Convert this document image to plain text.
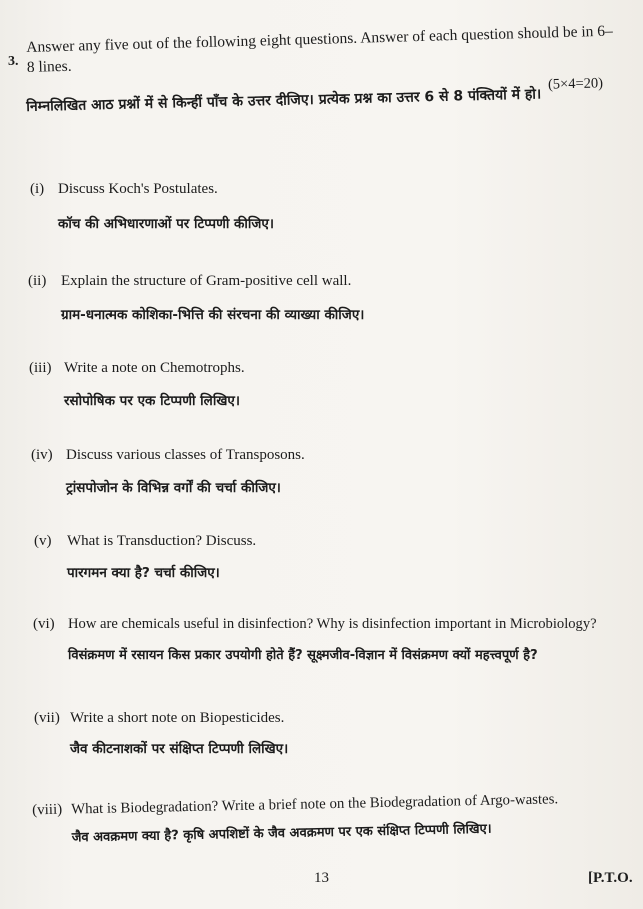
3.
Answer any five out of the following eight questions. Answer of each question should be in 6–8 lines.
(5×4=20)
निम्नलिखित आठ प्रश्नों में से किन्हीं पाँच के उत्तर दीजिए। प्रत्येक प्रश्न का उत्तर 6 से 8 पंक्तियों में हो।
(i) Discuss Koch's Postulates.
कॉच की अभिधारणाओं पर टिप्पणी कीजिए।
(ii) Explain the structure of Gram-positive cell wall.
ग्राम-धनात्मक कोशिका-भित्ति की संरचना की व्याख्या कीजिए।
(iii) Write a note on Chemotrophs.
रसोपोषिक पर एक टिप्पणी लिखिए।
(iv) Discuss various classes of Transposons.
ट्रांसपोजोन के विभिन्न वर्गों की चर्चा कीजिए।
(v) What is Transduction? Discuss.
पारगमन क्या है? चर्चा कीजिए।
(vi) How are chemicals useful in disinfection? Why is disinfection important in Microbiology?
विसंक्रमण में रसायन किस प्रकार उपयोगी होते हैं? सूक्ष्मजीव-विज्ञान में विसंक्रमण क्यों महत्त्वपूर्ण है?
(vii) Write a short note on Biopesticides.
जैव कीटनाशकों पर संक्षिप्त टिप्पणी लिखिए।
(viii) What is Biodegradation? Write a brief note on the Biodegradation of Argo-wastes.
जैव अवक्रमण क्या है? कृषि अपशिष्टों के जैव अवक्रमण पर एक संक्षिप्त टिप्पणी लिखिए।
13	[P.T.O.
